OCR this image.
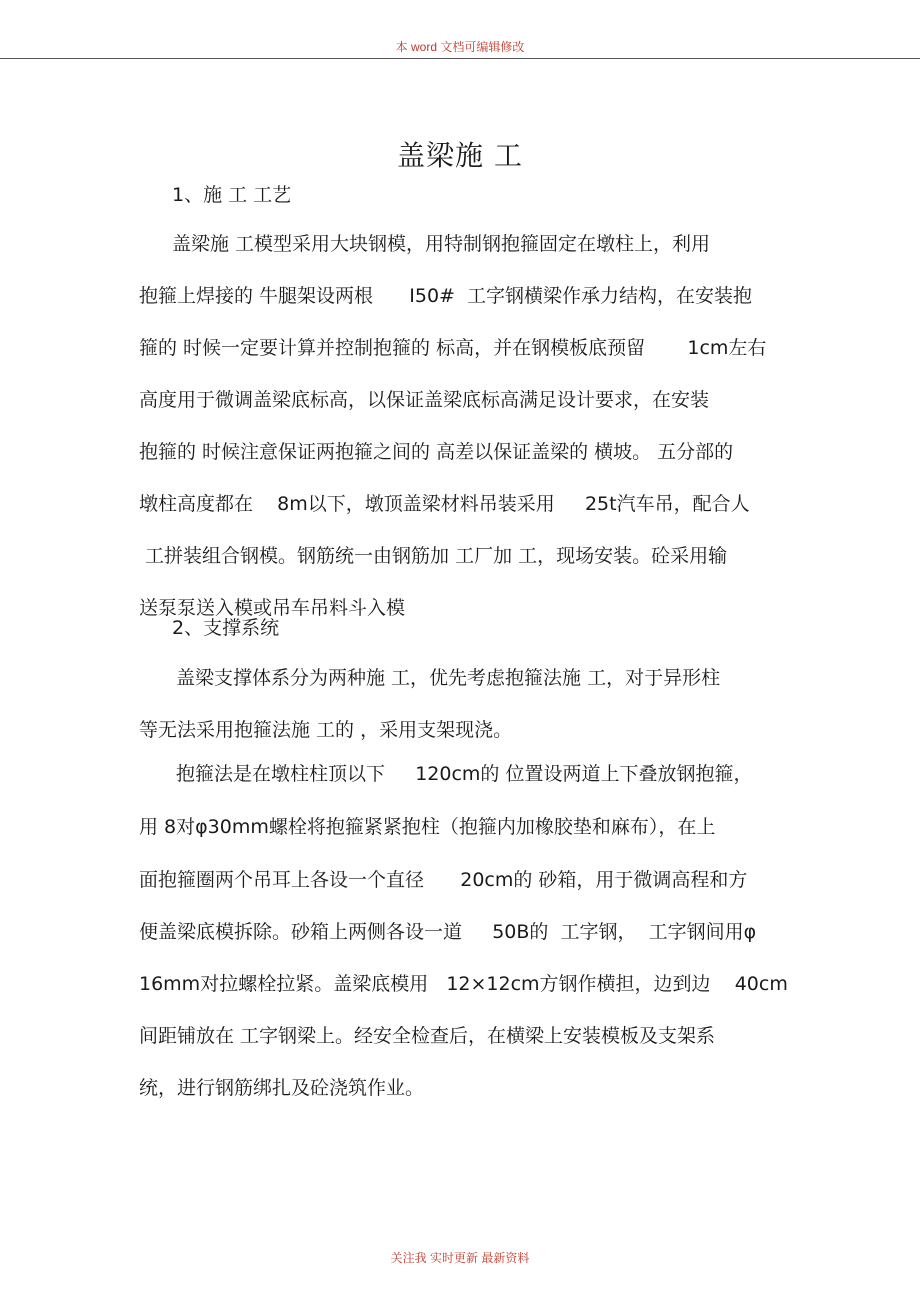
本 word 文档可编辑修改
盖梁施 工
1、施 工 工艺
盖梁施 工模型采用大块钢模，用特制钢抱箍固定在墩柱上，利用
抱箍上焊接的 牛腿架设两根      I50#  工字钢横梁作承力结构，在安装抱
箍的 时候一定要计算并控制抱箍的 标高，并在钢模板底预留       1cm左右
高度用于微调盖梁底标高，以保证盖梁底标高满足设计要求，在安装
抱箍的 时候注意保证两抱箍之间的 高差以保证盖梁的 横坡。 五分部的
墩柱高度都在    8m以下，墩顶盖梁材料吊装采用     25t汽车吊，配合人
工拼装组合钢模。钢筋统一由钢筋加 工厂加 工，现场安装。砼采用输
送泵泵送入模或吊车吊料斗入模
2、支撑系统
盖梁支撑体系分为两种施 工，优先考虑抱箍法施 工，对于异形柱
等无法采用抱箍法施 工的 ，采用支架现浇。
抱箍法是在墩柱柱顶以下     120cm的 位置设两道上下叠放钢抱箍，
用 8对φ30mm螺栓将抱箍紧紧抱柱（抱箍内加橡胶垫和麻布），在上
面抱箍圈两个吊耳上各设一个直径      20cm的 砂箱，用于微调高程和方
便盖梁底模拆除。砂箱上两侧各设一道     50B的  工字钢，  工字钢间用φ
16mm对拉螺栓拉紧。盖梁底模用   12×12cm方钢作横担，边到边    40cm
间距铺放在 工字钢梁上。经安全检查后，在横梁上安装模板及支架系
统，进行钢筋绑扎及砼浇筑作业。
关注我 实时更新 最新资料
